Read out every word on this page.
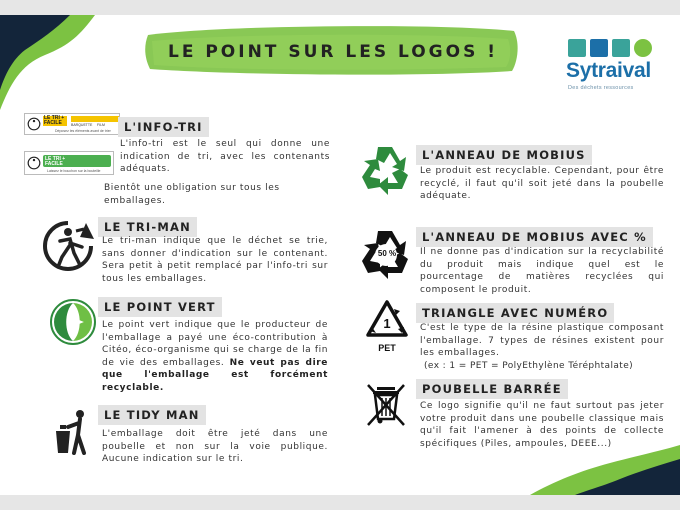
LE POINT SUR LES LOGOS !
Sytraival
Des déchets ressources
LE TRI + FACILE	BARQUETTE FILM
Déposez les éléments avant de trier
LE TRI + FACILE
Laissez le bouchon sur la bouteille
L'INFO-TRI
L'info-tri est le seul qui donne une indication de tri, avec les contenants adéquats.
Bientôt une obligation sur tous les emballages.
LE TRI-MAN
Le tri-man indique que le déchet se trie, sans donner d'indication sur le contenant. Sera petit à petit remplacé par l'info-tri sur tous les emballages.
LE POINT VERT
Le point vert indique que le producteur de l'emballage a payé une éco-contribution à Citéo, éco-organisme qui se charge de la fin de vie des emballages. Ne veut pas dire que l'emballage est forcément recyclable.
LE TIDY MAN
L'emballage doit être jeté dans une poubelle et non sur la voie publique. Aucune indication sur le tri.
L'ANNEAU DE MOBIUS
Le produit est recyclable. Cependant, pour être recyclé, il faut qu'il soit jeté dans la poubelle adéquate.
50 %
L'ANNEAU DE MOBIUS AVEC %
Il ne donne pas d'indication sur la recyclabilité du produit mais indique quel est le pourcentage de matières recyclées qui composent le produit.
1
PET
TRIANGLE AVEC NUMÉRO
C'est le type de la résine plastique composant l'emballage. 7 types de résines existent pour les emballages.
(ex : 1 = PET = PolyEthylène Téréphtalate)
POUBELLE BARRÉE
Ce logo signifie qu'il ne faut surtout pas jeter votre produit dans une poubelle classique mais qu'il fait l'amener à des points de collecte spécifiques (Piles, ampoules, DEEE...)
